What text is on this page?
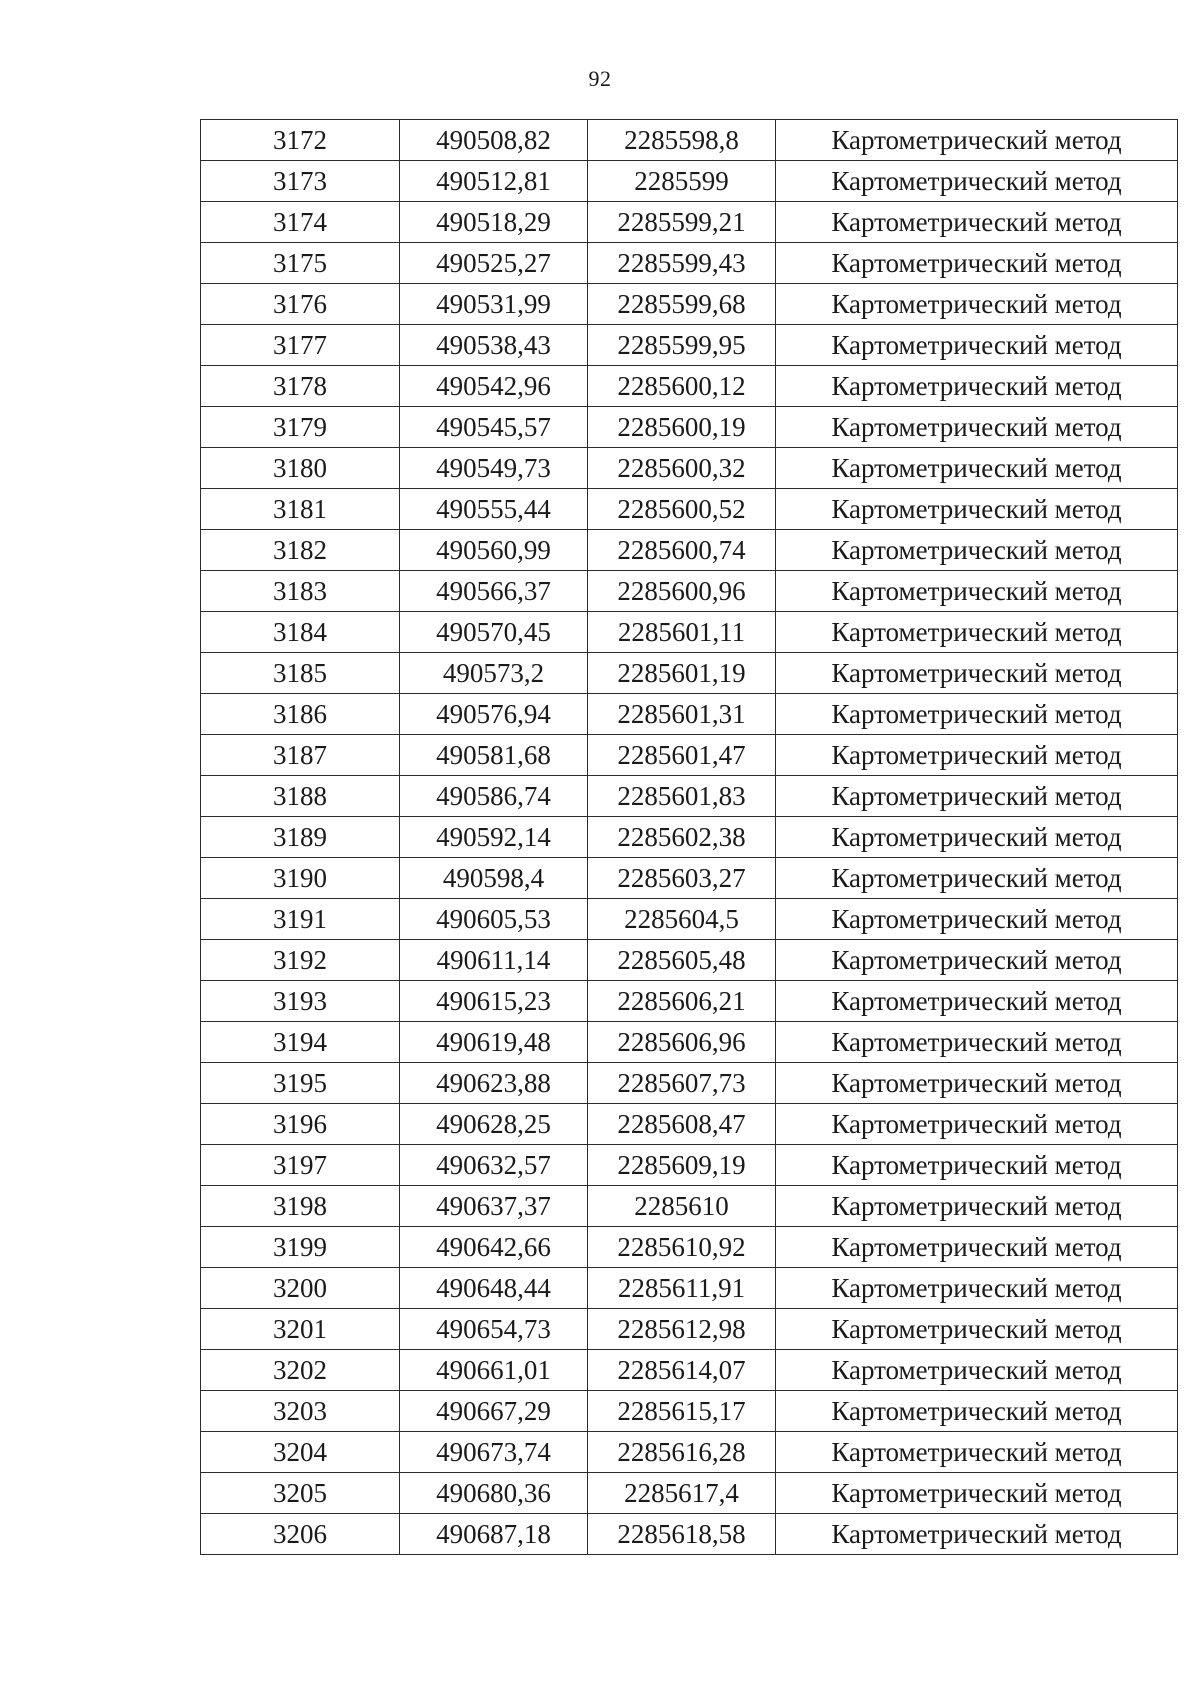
92
3172	490508,82	2285598,8	Картометрический метод
3173	490512,81	2285599	Картометрический метод
3174	490518,29	2285599,21	Картометрический метод
3175	490525,27	2285599,43	Картометрический метод
3176	490531,99	2285599,68	Картометрический метод
3177	490538,43	2285599,95	Картометрический метод
3178	490542,96	2285600,12	Картометрический метод
3179	490545,57	2285600,19	Картометрический метод
3180	490549,73	2285600,32	Картометрический метод
3181	490555,44	2285600,52	Картометрический метод
3182	490560,99	2285600,74	Картометрический метод
3183	490566,37	2285600,96	Картометрический метод
3184	490570,45	2285601,11	Картометрический метод
3185	490573,2	2285601,19	Картометрический метод
3186	490576,94	2285601,31	Картометрический метод
3187	490581,68	2285601,47	Картометрический метод
3188	490586,74	2285601,83	Картометрический метод
3189	490592,14	2285602,38	Картометрический метод
3190	490598,4	2285603,27	Картометрический метод
3191	490605,53	2285604,5	Картометрический метод
3192	490611,14	2285605,48	Картометрический метод
3193	490615,23	2285606,21	Картометрический метод
3194	490619,48	2285606,96	Картометрический метод
3195	490623,88	2285607,73	Картометрический метод
3196	490628,25	2285608,47	Картометрический метод
3197	490632,57	2285609,19	Картометрический метод
3198	490637,37	2285610	Картометрический метод
3199	490642,66	2285610,92	Картометрический метод
3200	490648,44	2285611,91	Картометрический метод
3201	490654,73	2285612,98	Картометрический метод
3202	490661,01	2285614,07	Картометрический метод
3203	490667,29	2285615,17	Картометрический метод
3204	490673,74	2285616,28	Картометрический метод
3205	490680,36	2285617,4	Картометрический метод
3206	490687,18	2285618,58	Картометрический метод
